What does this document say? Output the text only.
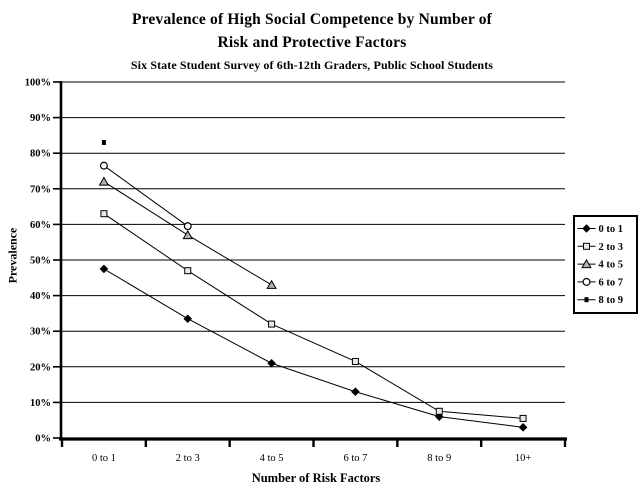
Prevalence of High Social Competence by Number of
Risk and Protective Factors
Six State Student Survey of 6th-12th Graders, Public School Students
Prevalence
Number of Risk Factors
0%
10%
20%
30%
40%
50%
60%
70%
80%
90%
100%
0 to 1	2 to 3	4 to 5	6 to 7	8 to 9	10+
0 to 1
2 to 3
4 to 5
6 to 7
8 to 9
